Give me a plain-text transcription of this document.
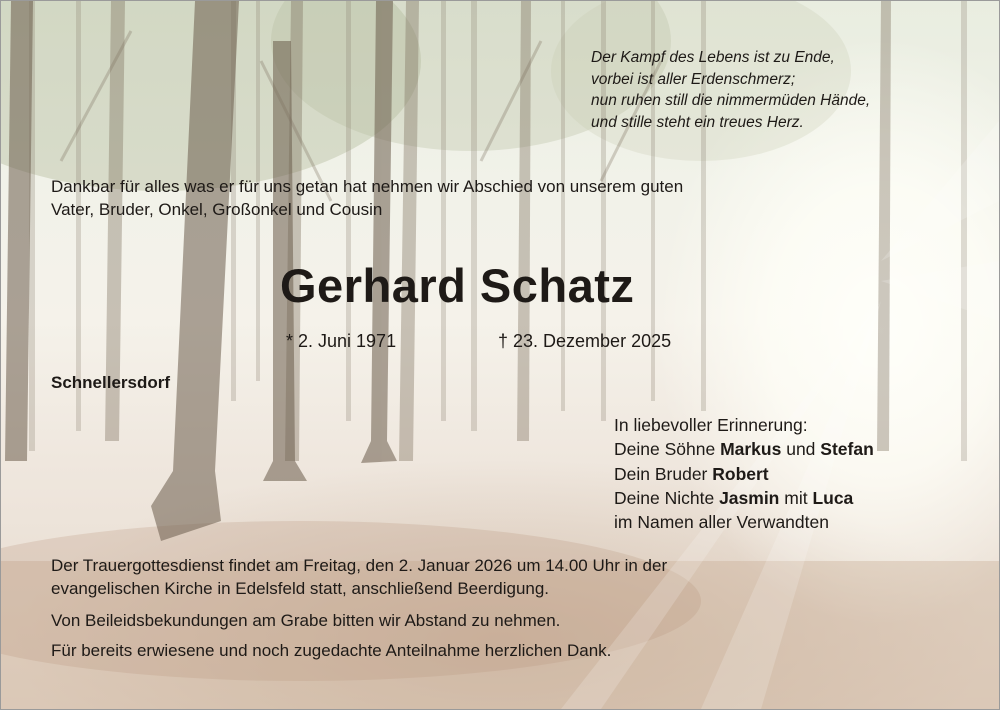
Der Kampf des Lebens ist zu Ende,
vorbei ist aller Erdenschmerz;
nun ruhen still die nimmermüden Hände,
und stille steht ein treues Herz.
Dankbar für alles was er für uns getan hat nehmen wir Abschied von unserem guten
Vater, Bruder, Onkel, Großonkel und Cousin
Gerhard Schatz
* 2. Juni 1971	† 23. Dezember 2025
Schnellersdorf
In liebevoller Erinnerung:
Deine Söhne Markus und Stefan
Dein Bruder Robert
Deine Nichte Jasmin mit Luca
im Namen aller Verwandten
Der Trauergottesdienst findet am Freitag, den 2. Januar 2026 um 14.00 Uhr in der
evangelischen Kirche in Edelsfeld statt, anschließend Beerdigung.
Von Beileidsbekundungen am Grabe bitten wir Abstand zu nehmen.
Für bereits erwiesene und noch zugedachte Anteilnahme herzlichen Dank.
